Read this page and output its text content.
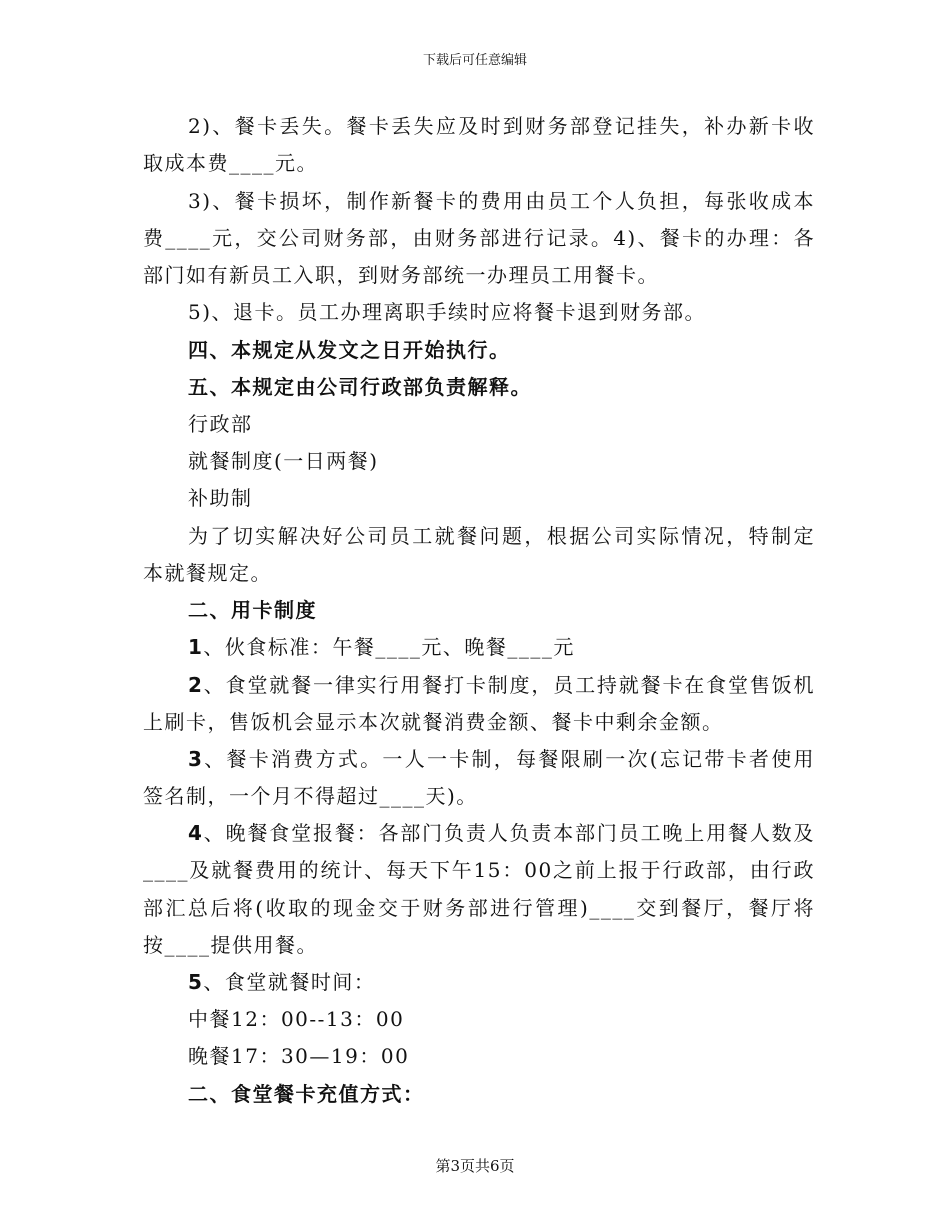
下载后可任意编辑
2)、餐卡丢失。餐卡丢失应及时到财务部登记挂失，补办新卡收
取成本费____元。
3)、餐卡损坏，制作新餐卡的费用由员工个人负担，每张收成本
费____元，交公司财务部，由财务部进行记录。4)、餐卡的办理：各
部门如有新员工入职，到财务部统一办理员工用餐卡。
5)、退卡。员工办理离职手续时应将餐卡退到财务部。
四、本规定从发文之日开始执行。
五、本规定由公司行政部负责解释。
行政部
就餐制度(一日两餐)
补助制
为了切实解决好公司员工就餐问题，根据公司实际情况，特制定
本就餐规定。
二、用卡制度
1、伙食标准：午餐____元、晚餐____元
2、食堂就餐一律实行用餐打卡制度，员工持就餐卡在食堂售饭机
上刷卡，售饭机会显示本次就餐消费金额、餐卡中剩余金额。
3、餐卡消费方式。一人一卡制，每餐限刷一次(忘记带卡者使用
签名制，一个月不得超过____天)。
4、晚餐食堂报餐：各部门负责人负责本部门员工晚上用餐人数及
____及就餐费用的统计、每天下午15：00之前上报于行政部，由行政
部汇总后将(收取的现金交于财务部进行管理)____交到餐厅，餐厅将
按____提供用餐。
5、食堂就餐时间：
中餐12：00--13：00
晚餐17：30—19：00
二、食堂餐卡充值方式：
第3页共6页
